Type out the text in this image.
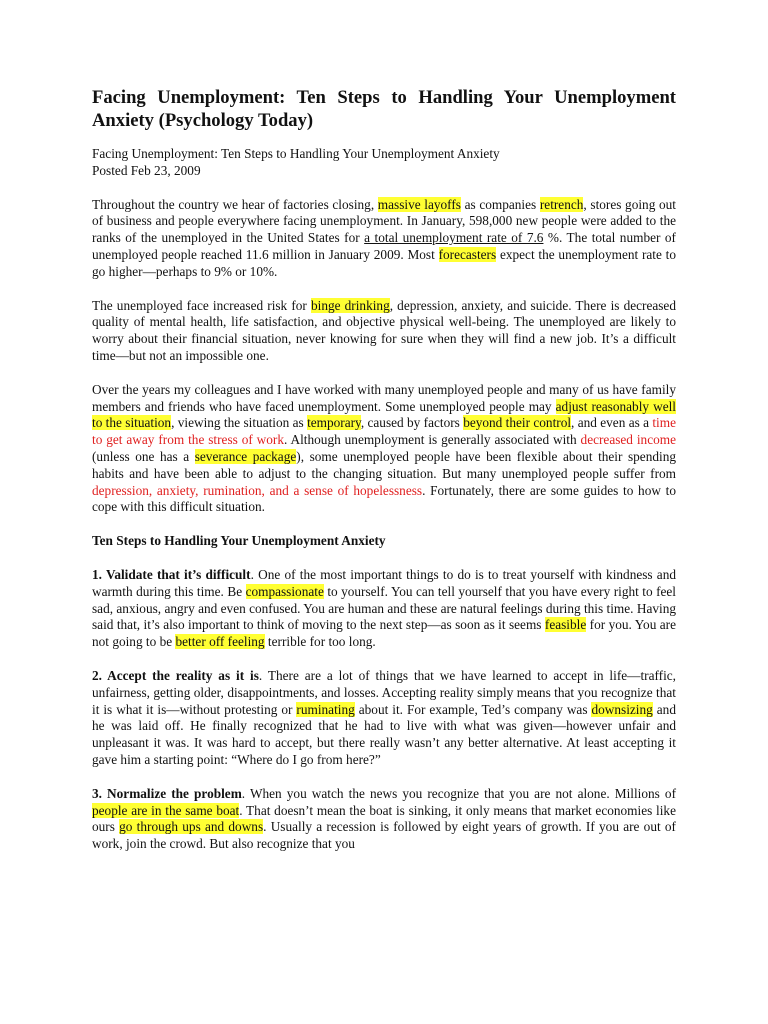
Facing Unemployment: Ten Steps to Handling Your Unemployment Anxiety (Psychology Today)

Facing Unemployment: Ten Steps to Handling Your Unemployment Anxiety

Posted Feb 23, 2009

Throughout the country we hear of factories closing, massive layoffs as companies retrench, stores going out of business and people everywhere facing unemployment. In January, 598,000 new people were added to the ranks of the unemployed in the United States for a total unemployment rate of 7.6 %. The total number of unemployed people reached 11.6 million in January 2009. Most forecasters expect the unemployment rate to go higher—perhaps to 9% or 10%.
The unemployed face increased risk for binge drinking, depression, anxiety, and suicide. There is decreased quality of mental health, life satisfaction, and objective physical well-being. The unemployed are likely to worry about their financial situation, never knowing for sure when they will find a new job. It’s a difficult time—but not an impossible one.
Over the years my colleagues and I have worked with many unemployed people and many of us have family members and friends who have faced unemployment. Some unemployed people may adjust reasonably well to the situation, viewing the situation as temporary, caused by factors beyond their control, and even as a time to get away from the stress of work. Although unemployment is generally associated with decreased income (unless one has a severance package), some unemployed people have been flexible about their spending habits and have been able to adjust to the changing situation. But many unemployed people suffer from depression, anxiety, rumination, and a sense of hopelessness. Fortunately, there are some guides to how to cope with this difficult situation.
Ten Steps to Handling Your Unemployment Anxiety
1. Validate that it’s difficult. One of the most important things to do is to treat yourself with kindness and warmth during this time. Be compassionate to yourself. You can tell yourself that you have every right to feel sad, anxious, angry and even confused. You are human and these are natural feelings during this time. Having said that, it’s also important to think of moving to the next step—as soon as it seems feasible for you. You are not going to be better off feeling terrible for too long.
2. Accept the reality as it is. There are a lot of things that we have learned to accept in life—traffic, unfairness, getting older, disappointments, and losses. Accepting reality simply means that you recognize that it is what it is—without protesting or ruminating about it. For example, Ted’s company was downsizing and he was laid off. He finally recognized that he had to live with what was given—however unfair and unpleasant it was. It was hard to accept, but there really wasn’t any better alternative. At least accepting it gave him a starting point: “Where do I go from here?”
3. Normalize the problem. When you watch the news you recognize that you are not alone. Millions of people are in the same boat. That doesn’t mean the boat is sinking, it only means that market economies like ours go through ups and downs. Usually a recession is followed by eight years of growth. If you are out of work, join the crowd. But also recognize that you
